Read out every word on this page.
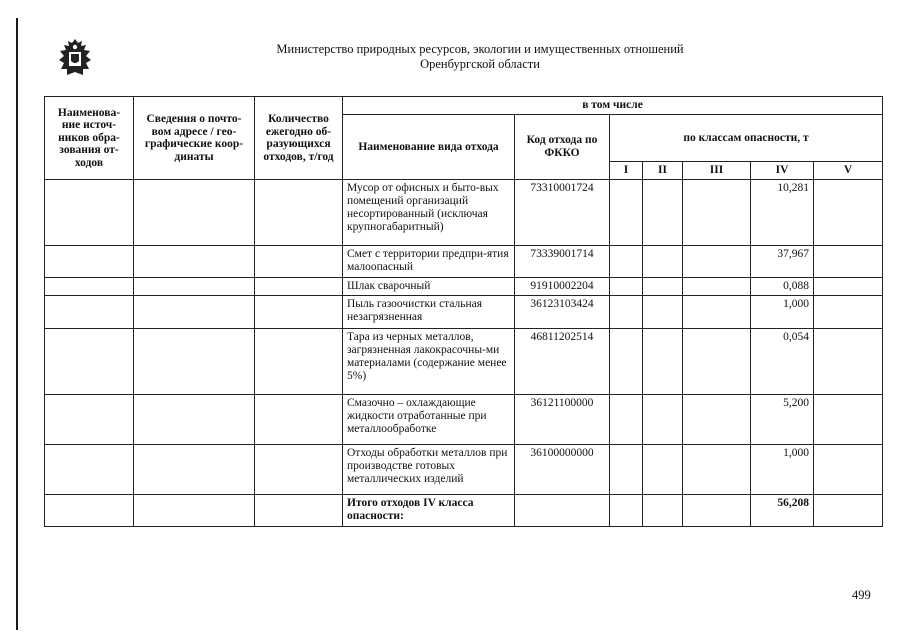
Министерство природных ресурсов, экологии и имущественных отношений
Оренбургской области
Наименова-ние источ-ников обра-зования от-ходов	Сведения о почто-вом адресе / гео-графические коор-динаты	Количество ежегодно об-разующихся отходов, т/год	в том числе						
			Наименование вида отхода	Код отхода по ФККО	по классам опасности, т				
					I	II	III	IV	V
			Мусор от офисных и быто-вых помещений организаций несортированный (исключая крупногабаритный)	73310001724				10,281	
			Смет с территории предпри-ятия малоопасный	73339001714				37,967	
			Шлак сварочный	91910002204				0,088	
			Пыль газоочистки стальная незагрязненная	36123103424				1,000	
			Тара из черных металлов, загрязненная лакокрасочны-ми материалами (содержание менее 5%)	46811202514				0,054	
			Смазочно – охлаждающие жидкости отработанные при металлообработке	36121100000				5,200	
			Отходы обработки металлов при производстве готовых металлических изделий	36100000000				1,000	
			Итого отходов IV класса опасности:					56,208	
499
